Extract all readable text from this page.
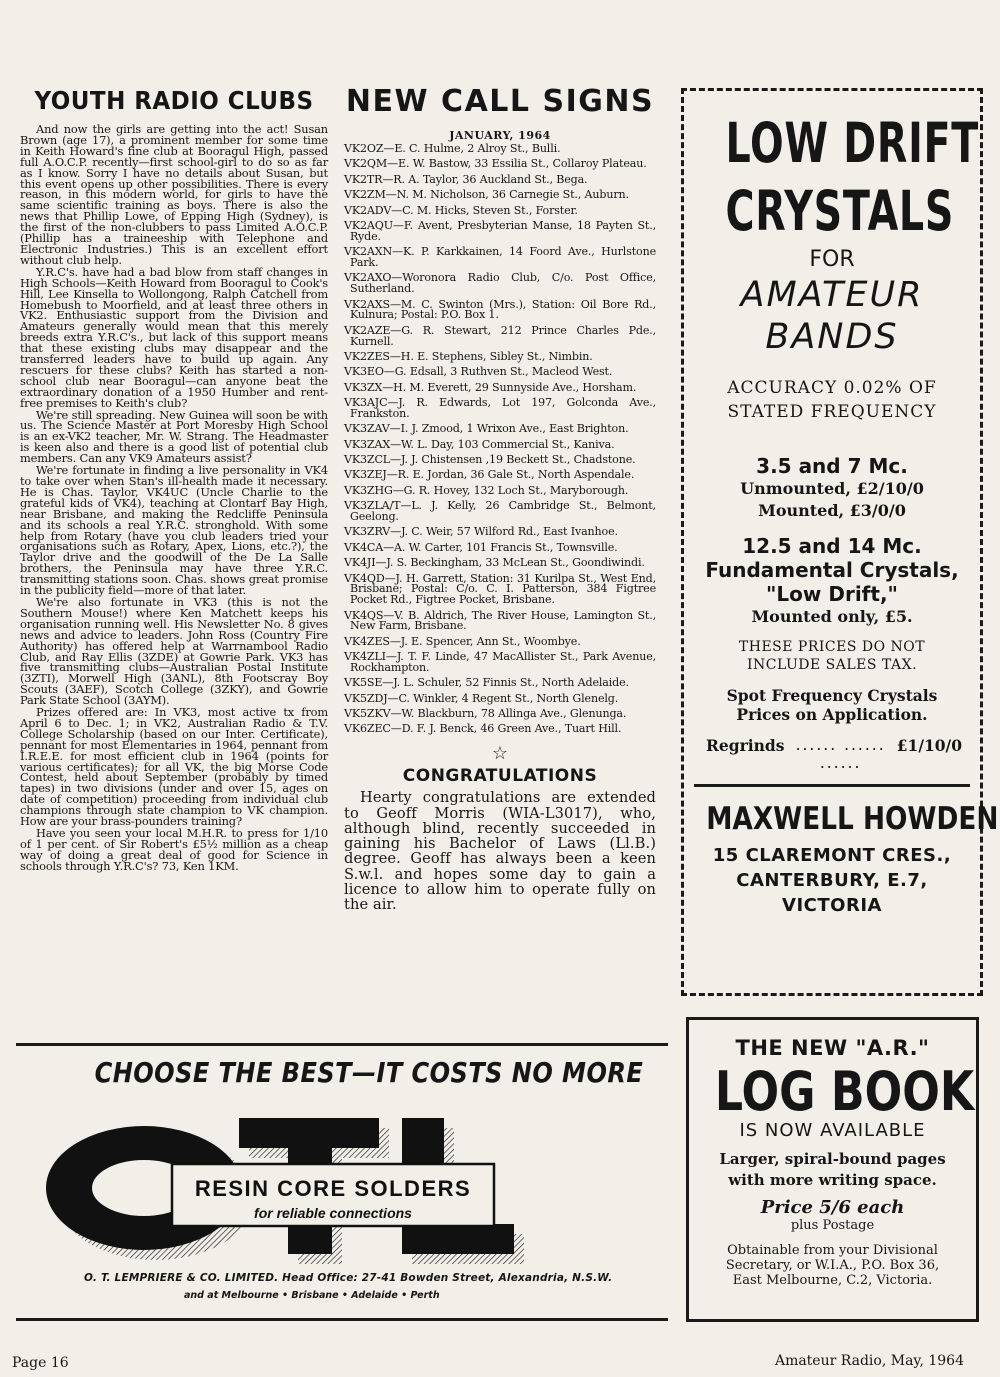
YOUTH RADIO CLUBS

And now the girls are getting into the act! Susan Brown (age 17), a prominent member for some time in Keith Howard's fine club at Booragul High, passed full A.O.C.P. recently—first school-girl to do so as far as I know. Sorry I have no details about Susan, but this event opens up other possibilities. There is every reason, in this modern world, for girls to have the same scientific training as boys. There is also the news that Phillip Lowe, of Epping High (Sydney), is the first of the non-clubbers to pass Limited A.O.C.P. (Phillip has a traineeship with Telephone and Electronic Industries.) This is an excellent effort without club help.

Y.R.C's. have had a bad blow from staff changes in High Schools—Keith Howard from Booragul to Cook's Hill, Lee Kinsella to Wollongong, Ralph Catchell from Homebush to Moorfield, and at least three others in VK2. Enthusiastic support from the Division and Amateurs generally would mean that this merely breeds extra Y.R.C's., but lack of this support means that these existing clubs may disappear and the transferred leaders have to build up again. Any rescuers for these clubs? Keith has started a non-school club near Booragul—can anyone beat the extraordinary donation of a 1950 Humber and rent-free premises to Keith's club?

We're still spreading. New Guinea will soon be with us. The Science Master at Port Moresby High School is an ex-VK2 teacher, Mr. W. Strang. The Headmaster is keen also and there is a good list of potential club members. Can any VK9 Amateurs assist?

We're fortunate in finding a live personality in VK4 to take over when Stan's ill-health made it necessary. He is Chas. Taylor, VK4UC (Uncle Charlie to the grateful kids of VK4), teaching at Clontarf Bay High, near Brisbane, and making the Redcliffe Peninsula and its schools a real Y.R.C. stronghold. With some help from Rotary (have you club leaders tried your organisations such as Rotary, Apex, Lions, etc.?), the Taylor drive and the goodwill of the De La Salle brothers, the Peninsula may have three Y.R.C. transmitting stations soon. Chas. shows great promise in the publicity field—more of that later.

We're also fortunate in VK3 (this is not the Southern Mouse!) where Ken Matchett keeps his organisation running well. His Newsletter No. 8 gives news and advice to leaders. John Ross (Country Fire Authority) has offered help at Warrnambool Radio Club, and Ray Ellis (3ZDE) at Gowrie Park. VK3 has five transmitting clubs—Australian Postal Institute (3ZTI), Morwell High (3ANL), 8th Footscray Boy Scouts (3AEF), Scotch College (3ZKY), and Gowrie Park State School (3AYM).

Prizes offered are: In VK3, most active tx from April 6 to Dec. 1; in VK2, Australian Radio & T.V. College Scholarship (based on our Inter. Certificate), pennant for most Elementaries in 1964, pennant from I.R.E.E. for most efficient club in 1964 (points for various certificates); for all VK, the big Morse Code Contest, held about September (probably by timed tapes) in two divisions (under and over 15, ages on date of competition) proceeding from individual club champions through state champion to VK champion. How are your brass-pounders training?

Have you seen your local M.H.R. to press for 1/10 of 1 per cent. of Sir Robert's £5½ million as a cheap way of doing a great deal of good for Science in schools through Y.R.C's? 73, Ken 1KM.

NEW CALL SIGNS
JANUARY, 1964
VK2OZ—E. C. Hulme, 2 Alroy St., Bulli.
VK2QM—E. W. Bastow, 33 Essilia St., Collaroy Plateau.
VK2TR—R. A. Taylor, 36 Auckland St., Bega.
VK2ZM—N. M. Nicholson, 36 Carnegie St., Auburn.
VK2ADV—C. M. Hicks, Steven St., Forster.
VK2AQU—F. Avent, Presbyterian Manse, 18 Payten St., Ryde.
VK2AXN—K. P. Karkkainen, 14 Foord Ave., Hurlstone Park.
VK2AXO—Woronora Radio Club, C/o. Post Office, Sutherland.
VK2AXS—M. C. Swinton (Mrs.), Station: Oil Bore Rd., Kulnura; Postal: P.O. Box 1.
VK2AZE—G. R. Stewart, 212 Prince Charles Pde., Kurnell.
VK2ZES—H. E. Stephens, Sibley St., Nimbin.
VK3EO—G. Edsall, 3 Ruthven St., Macleod West.
VK3ZX—H. M. Everett, 29 Sunnyside Ave., Horsham.
VK3AJC—J. R. Edwards, Lot 197, Golconda Ave., Frankston.
VK3ZAV—I. J. Zmood, 1 Wrixon Ave., East Brighton.
VK3ZAX—W. L. Day, 103 Commercial St., Kaniva.
VK3ZCL—J. J. Chistensen ,19 Beckett St., Chadstone.
VK3ZEJ—R. E. Jordan, 36 Gale St., North Aspendale.
VK3ZHG—G. R. Hovey, 132 Loch St., Maryborough.
VK3ZLA/T—L. J. Kelly, 26 Cambridge St., Belmont, Geelong.
VK3ZRV—J. C. Weir, 57 Wilford Rd., East Ivanhoe.
VK4CA—A. W. Carter, 101 Francis St., Townsville.
VK4JI—J. S. Beckingham, 33 McLean St., Goondiwindi.
VK4QD—J. H. Garrett, Station: 31 Kurilpa St., West End, Brisbane; Postal: C/o. C. I. Patterson, 384 Figtree Pocket Rd., Figtree Pocket, Brisbane.
VK4QS—V. B. Aldrich, The River House, Lamington St., New Farm, Brisbane.
VK4ZES—J. E. Spencer, Ann St., Woombye.
VK4ZLI—J. T. F. Linde, 47 MacAllister St., Park Avenue, Rockhampton.
VK5SE—J. L. Schuler, 52 Finnis St., North Adelaide.
VK5ZDJ—C. Winkler, 4 Regent St., North Glenelg.
VK5ZKV—W. Blackburn, 78 Allinga Ave., Glenunga.
VK6ZEC—D. F. J. Benck, 46 Green Ave., Tuart Hill.
☆
CONGRATULATIONS

Hearty congratulations are extended to Geoff Morris (WIA-L3017), who, although blind, recently succeeded in gaining his Bachelor of Laws (Ll.B.) degree. Geoff has always been a keen S.w.l. and hopes some day to gain a licence to allow him to operate fully on the air.

LOW DRIFT
CRYSTALS
FOR
AMATEUR
BANDS
ACCURACY 0.02% OF
STATED FREQUENCY
3.5 and 7 Mc.
Unmounted, £2/10/0
Mounted, £3/0/0
12.5 and 14 Mc.
Fundamental Crystals,
"Low Drift,"
Mounted only, £5.
THESE PRICES DO NOT
INCLUDE SALES TAX.
Spot Frequency Crystals
Prices on Application.
Regrinds ...... ...... ......
£1/10/0
MAXWELL HOWDEN
15 CLAREMONT CRES.,
CANTERBURY, E.7,
VICTORIA
THE NEW "A.R."
LOG BOOK
IS NOW AVAILABLE
Larger, spiral-bound pages
with more writing space.
Price 5/6 each
plus Postage
Obtainable from your Divisional
Secretary, or W.I.A., P.O. Box 36,
East Melbourne, C.2, Victoria.
CHOOSE THE BEST—IT COSTS NO MORE
RESIN CORE SOLDERS
for reliable connections
O. T. LEMPRIERE & CO. LIMITED. Head Office: 27-41 Bowden Street, Alexandria, N.S.W.
and at Melbourne • Brisbane • Adelaide • Perth
Page 16	Amateur Radio, May, 1964
